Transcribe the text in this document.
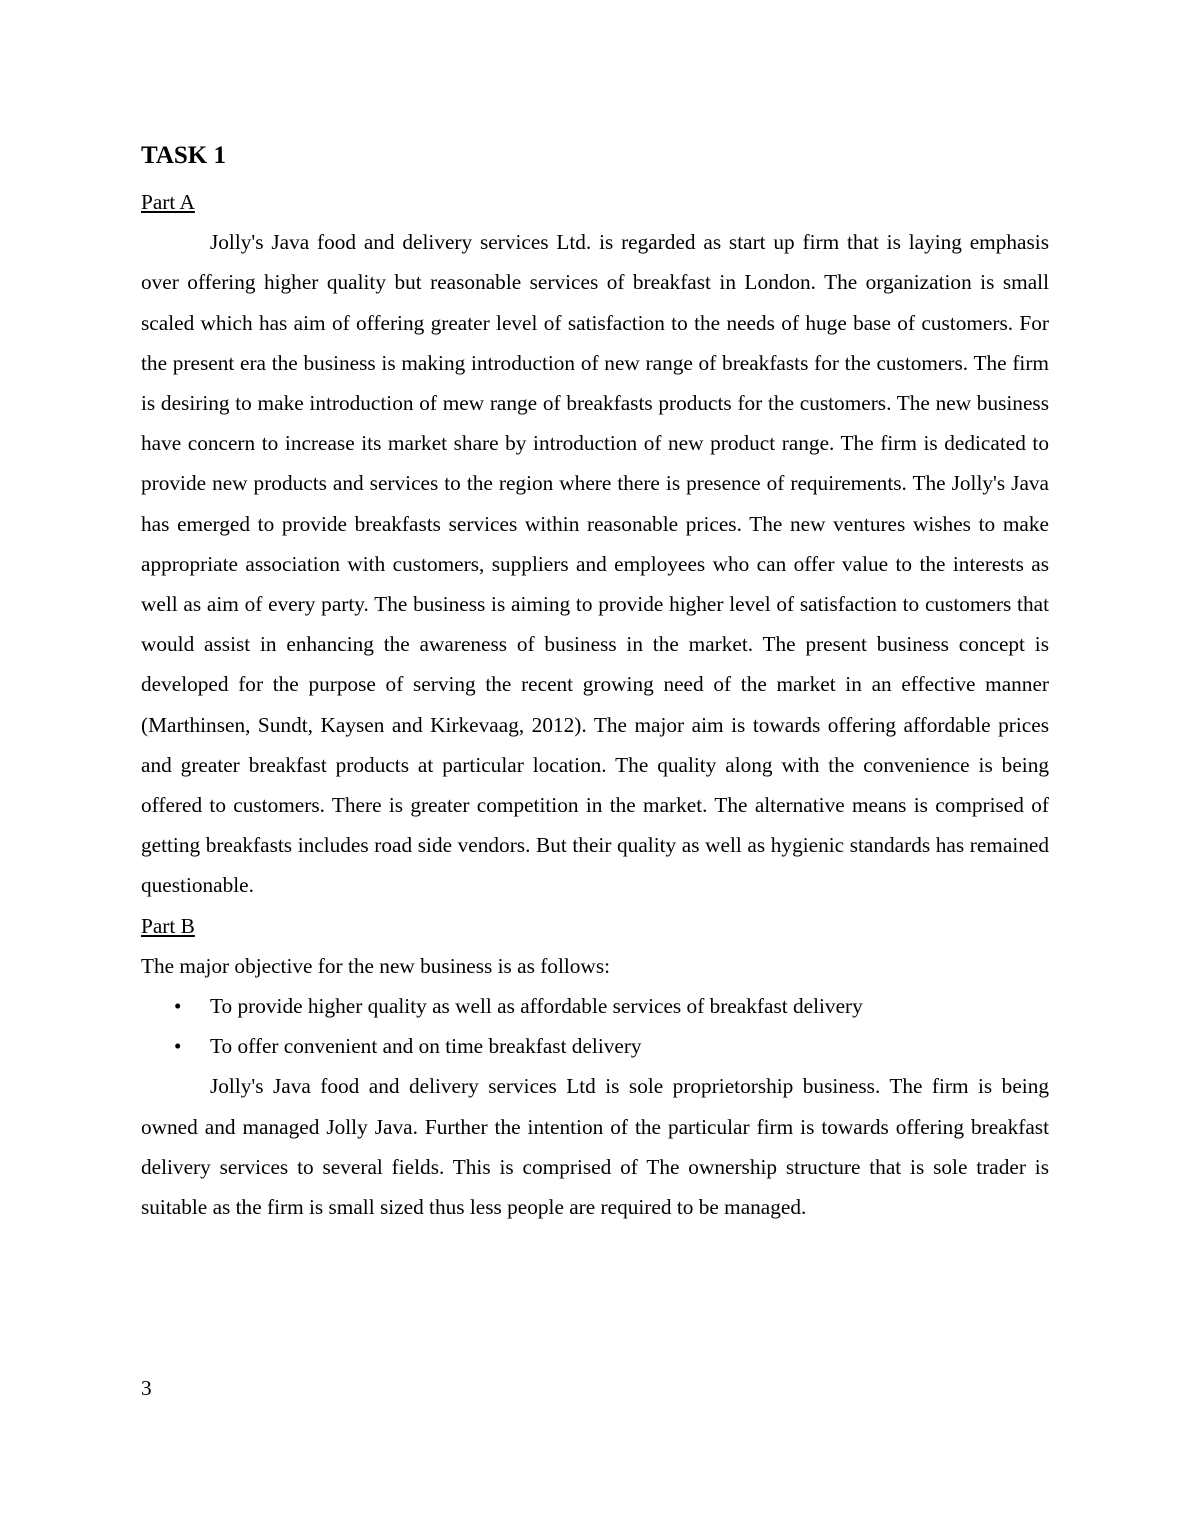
TASK 1
Part A

Jolly's Java food and delivery services Ltd. is regarded as start up firm that is laying emphasis over offering higher quality but reasonable services of breakfast in London. The organization is small scaled which has aim of offering greater level of satisfaction to the needs of huge base of customers. For the present era the business is making introduction of new range of breakfasts for the customers. The firm is desiring to make introduction of mew range of breakfasts products for the customers. The new business have concern to increase its market share by introduction of new product range. The firm is dedicated to provide new products and services to the region where there is presence of requirements. The Jolly's Java has emerged to provide breakfasts services within reasonable prices. The new ventures wishes to make appropriate association with customers, suppliers and employees who can offer value to the interests as well as aim of every party. The business is aiming to provide higher level of satisfaction to customers that would assist in enhancing the awareness of business in the market. The present business concept is developed for the purpose of serving the recent growing need of the market in an effective manner (Marthinsen, Sundt, Kaysen and Kirkevaag, 2012). The major aim is towards offering affordable prices and greater breakfast products at particular location. The quality along with the convenience is being offered to customers. There is greater competition in the market. The alternative means is comprised of getting breakfasts includes road side vendors. But their quality as well as hygienic standards has remained questionable.

Part B

The major objective for the new business is as follows:

• To provide higher quality as well as affordable services of breakfast delivery
• To offer convenient and on time breakfast delivery

Jolly's Java food and delivery services Ltd is sole proprietorship business. The firm is being owned and managed Jolly Java. Further the intention of the particular firm is towards offering breakfast delivery services to several fields. This is comprised of The ownership structure that is sole trader is suitable as the firm is small sized thus less people are required to be managed.

3
